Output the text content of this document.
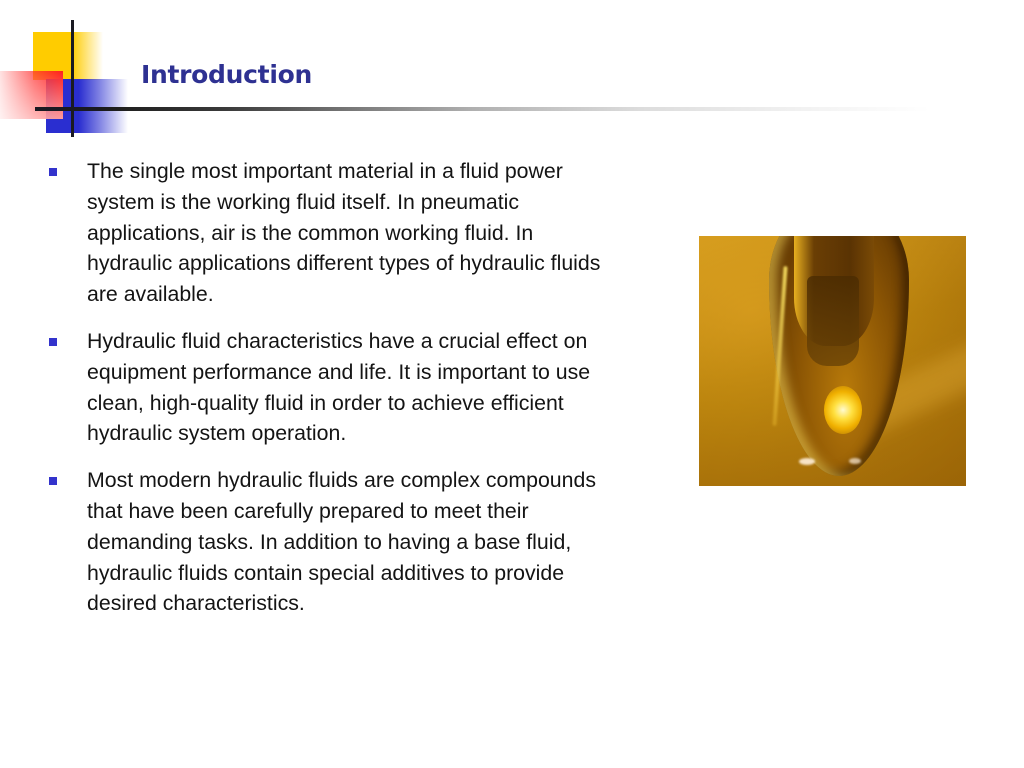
Introduction

The single most important material in a fluid power system is the working fluid itself. In pneumatic applications, air is the common working fluid. In hydraulic applications different types of hydraulic fluids are available.

Hydraulic fluid characteristics have a crucial effect on equipment performance and life. It is important to use clean, high-quality fluid in order to achieve efficient hydraulic system operation.

Most modern hydraulic fluids are complex compounds that have been carefully prepared to meet their demanding tasks. In addition to having a base fluid, hydraulic fluids contain special additives to provide desired characteristics.
